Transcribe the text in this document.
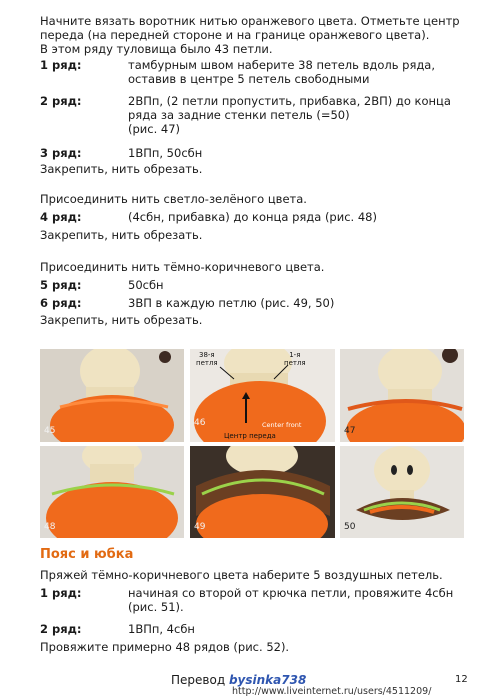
Начните вязать воротник нитью оранжевого цвета. Отметьте центр
переда (на передней стороне и на границе оранжевого цвета).
В этом ряду туловища было 43 петли.
1 ряд:	тамбурным швом наберите 38 петель вдоль ряда,
оставив в центре 5 петель свободными
2 ряд:	2ВПп, (2 петли пропустить, прибавка, 2ВП) до конца
ряда за задние стенки петель (=50)
(рис. 47)
3 ряд:	1ВПп, 50сбн
Закрепить, нить обрезать.
Присоединить нить светло-зелёного цвета.
4 ряд:	(4сбн, прибавка) до конца ряда (рис. 48)
Закрепить, нить обрезать.
Присоединить нить тёмно-коричневого цвета.
5 ряд:	50сбн
6 ряд:	3ВП в каждую петлю (рис. 49, 50)
Закрепить, нить обрезать.
45
38-я
петля
1-я
петля
Center front
Центр переда
46
47
48	49	50
Пояс и юбка
Пряжей тёмно-коричневого цвета наберите 5 воздушных петель.
1 ряд:	начиная со второй от крючка петли, провяжите 4сбн
(рис. 51).
2 ряд:	1ВПп, 4сбн
Провяжите примерно 48 рядов (рис. 52).
Перевод bysinka738	12
http://www.liveinternet.ru/users/4511209/
